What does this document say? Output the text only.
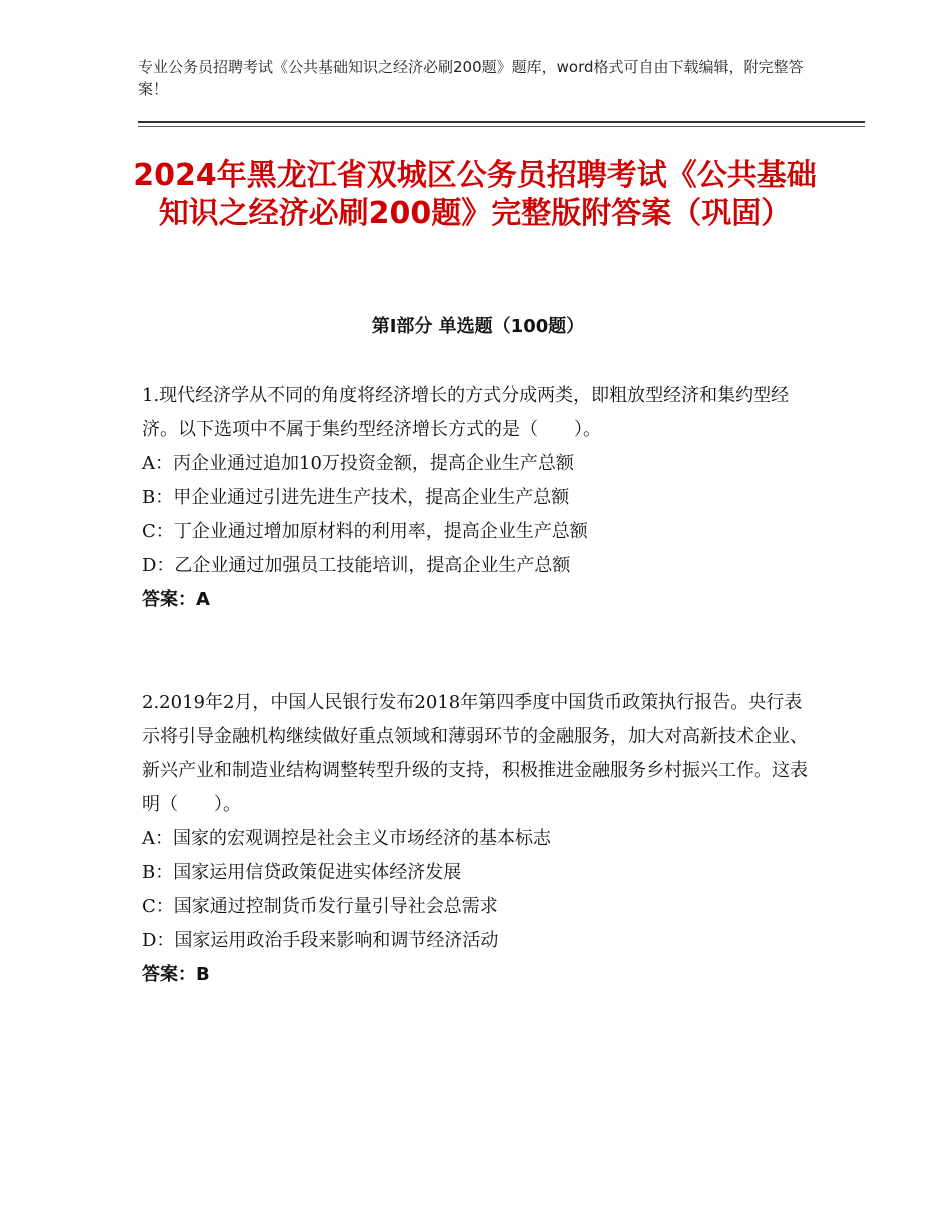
专业公务员招聘考试《公共基础知识之经济必刷200题》题库，word格式可自由下载编辑，附完整答案！
2024年黑龙江省双城区公务员招聘考试《公共基础知识之经济必刷200题》完整版附答案（巩固）
第Ⅰ部分 单选题（100题）

1.现代经济学从不同的角度将经济增长的方式分成两类，即粗放型经济和集约型经济。以下选项中不属于集约型经济增长方式的是（　　）。

A：丙企业通过追加10万投资金额，提高企业生产总额

B：甲企业通过引进先进生产技术，提高企业生产总额

C：丁企业通过增加原材料的利用率，提高企业生产总额

D：乙企业通过加强员工技能培训，提高企业生产总额

答案：A

2.2019年2月，中国人民银行发布2018年第四季度中国货币政策执行报告。央行表示将引导金融机构继续做好重点领域和薄弱环节的金融服务，加大对高新技术企业、新兴产业和制造业结构调整转型升级的支持，积极推进金融服务乡村振兴工作。这表明（　　）。

A：国家的宏观调控是社会主义市场经济的基本标志

B：国家运用信贷政策促进实体经济发展

C：国家通过控制货币发行量引导社会总需求

D：国家运用政治手段来影响和调节经济活动

答案：B
